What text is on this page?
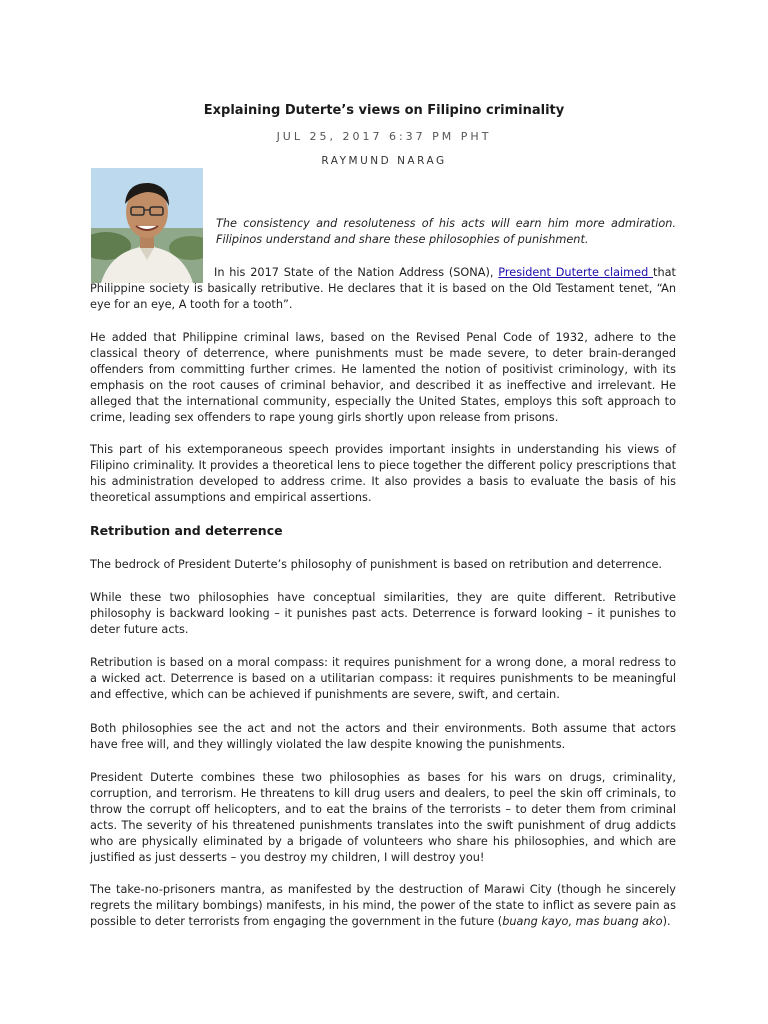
Explaining Duterte’s views on Filipino criminality
JUL 25, 2017 6:37 PM PHT
RAYMUND NARAG
The consistency and resoluteness of his acts will earn him more admiration. Filipinos understand and share these philosophies of punishment.

In his 2017 State of the Nation Address (SONA), President Duterte claimed that Philippine society is basically retributive. He declares that it is based on the Old Testament tenet, “An eye for an eye, A tooth for a tooth”.

He added that Philippine criminal laws, based on the Revised Penal Code of 1932, adhere to the classical theory of deterrence, where punishments must be made severe, to deter brain-deranged offenders from committing further crimes. He lamented the notion of positivist criminology, with its emphasis on the root causes of criminal behavior, and described it as ineffective and irrelevant. He alleged that the international community, especially the United States, employs this soft approach to crime, leading sex offenders to rape young girls shortly upon release from prisons.
This part of his extemporaneous speech provides important insights in understanding his views of Filipino criminality. It provides a theoretical lens to piece together the different policy prescriptions that his administration developed to address crime. It also provides a basis to evaluate the basis of his theoretical assumptions and empirical assertions.
Retribution and deterrence
The bedrock of President Duterte’s philosophy of punishment is based on retribution and deterrence.
While these two philosophies have conceptual similarities, they are quite different. Retributive philosophy is backward looking – it punishes past acts. Deterrence is forward looking – it punishes to deter future acts.
Retribution is based on a moral compass: it requires punishment for a wrong done, a moral redress to a wicked act. Deterrence is based on a utilitarian compass: it requires punishments to be meaningful and effective, which can be achieved if punishments are severe, swift, and certain.
Both philosophies see the act and not the actors and their environments. Both assume that actors have free will, and they willingly violated the law despite knowing the punishments.
President Duterte combines these two philosophies as bases for his wars on drugs, criminality, corruption, and terrorism. He threatens to kill drug users and dealers, to peel the skin off criminals, to throw the corrupt off helicopters, and to eat the brains of the terrorists – to deter them from criminal acts. The severity of his threatened punishments translates into the swift punishment of drug addicts who are physically eliminated by a brigade of volunteers who share his philosophies, and which are justified as just desserts – you destroy my children, I will destroy you!

The take-no-prisoners mantra, as manifested by the destruction of Marawi City (though he sincerely regrets the military bombings) manifests, in his mind, the power of the state to inflict as severe pain as possible to deter terrorists from engaging the government in the future (buang kayo, mas buang ako).
